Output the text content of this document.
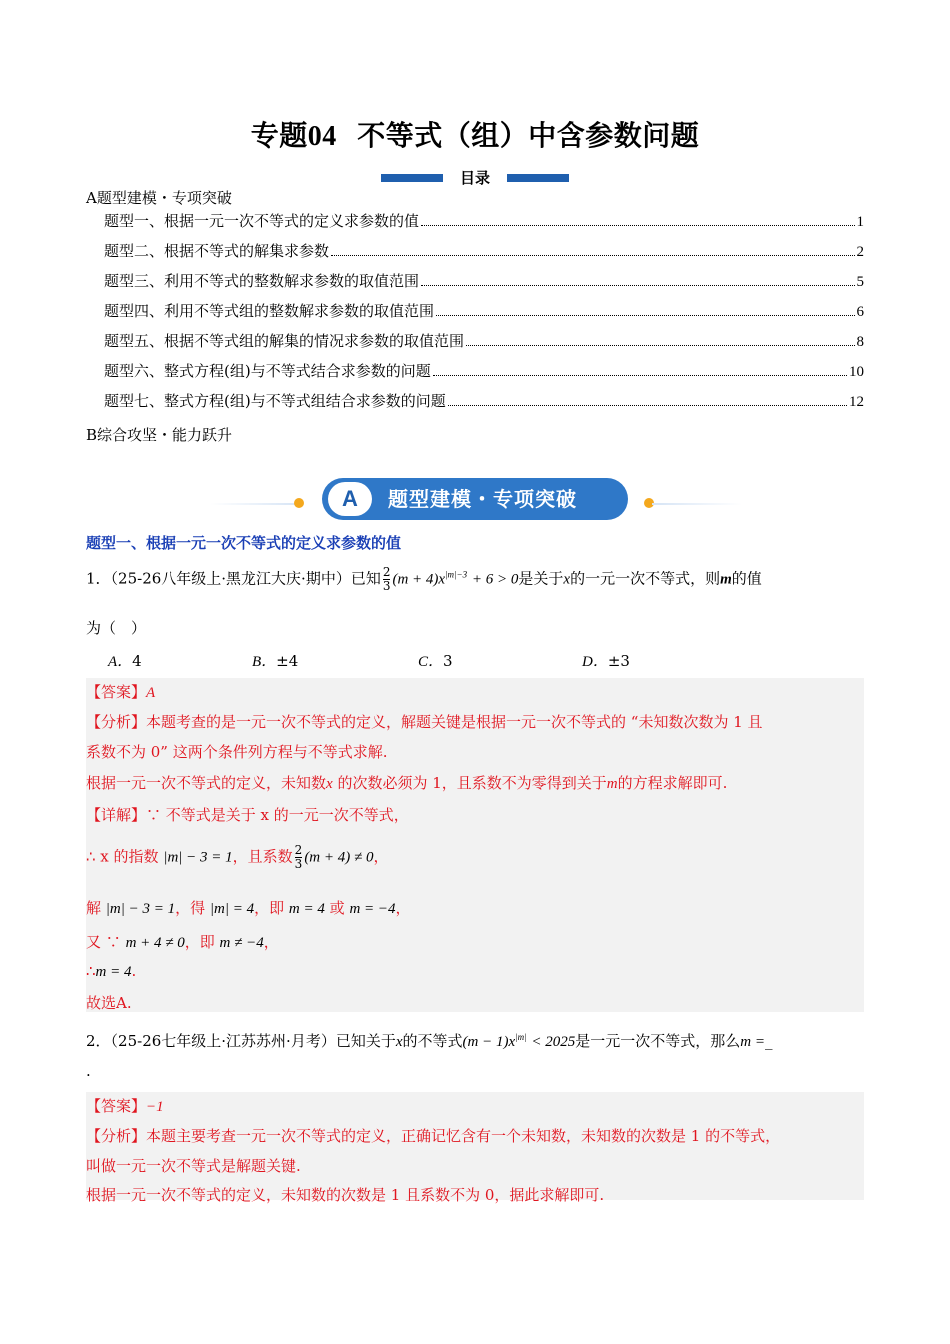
专题04 不等式（组）中含参数问题
目录
A题型建模・专项突破
题型一、根据一元一次不等式的定义求参数的值	1
题型二、根据不等式的解集求参数	2
题型三、利用不等式的整数解求参数的取值范围	5
题型四、利用不等式组的整数解求参数的取值范围	6
题型五、根据不等式组的解集的情况求参数的取值范围	8
题型六、整式方程(组)与不等式结合求参数的问题	10
题型七、整式方程(组)与不等式组结合求参数的问题	12
B综合攻坚・能力跃升
A	题型建模・专项突破
题型一、根据一元一次不等式的定义求参数的值
1．（25-26八年级上·黑龙江大庆·期中）已知 $\frac{2}{3} (m + 4)x^{|m|-3} + 6 > 0$是关于x的一元一次不等式，则m的值
为（　）
A．4	B．±4	C．3	D．±3
【答案】A
【分析】本题考查的是一元一次不等式的定义，解题关键是根据一元一次不等式的 “未知数次数为 1 且
系数不为 0” 这两个条件列方程与不等式求解.
根据一元一次不等式的定义，未知数x 的次数必须为 1，且系数不为零得到关于m的方程求解即可.
【详解】∵ 不等式是关于 x 的一元一次不等式，
∴ x 的指数 |m| − 3 = 1，且系数 $\frac{2}{3} (m + 4) \ne 0$，
解 |m| − 3 = 1，得 |m| = 4，即 m = 4 或 m = −4，
又 ∵ m + 4 ≠ 0，即 m ≠ −4，
∴m = 4.
故选A.
2．（25-26七年级上·江苏苏州·月考）已知关于x的不等式$(m - 1)x^{|m|} < 2025$是一元一次不等式，那么m =_
.
【答案】−1
【分析】本题主要考查一元一次不等式的定义，正确记忆含有一个未知数，未知数的次数是 1 的不等式，
叫做一元一次不等式是解题关键.
根据一元一次不等式的定义，未知数的次数是 1 且系数不为 0，据此求解即可.
